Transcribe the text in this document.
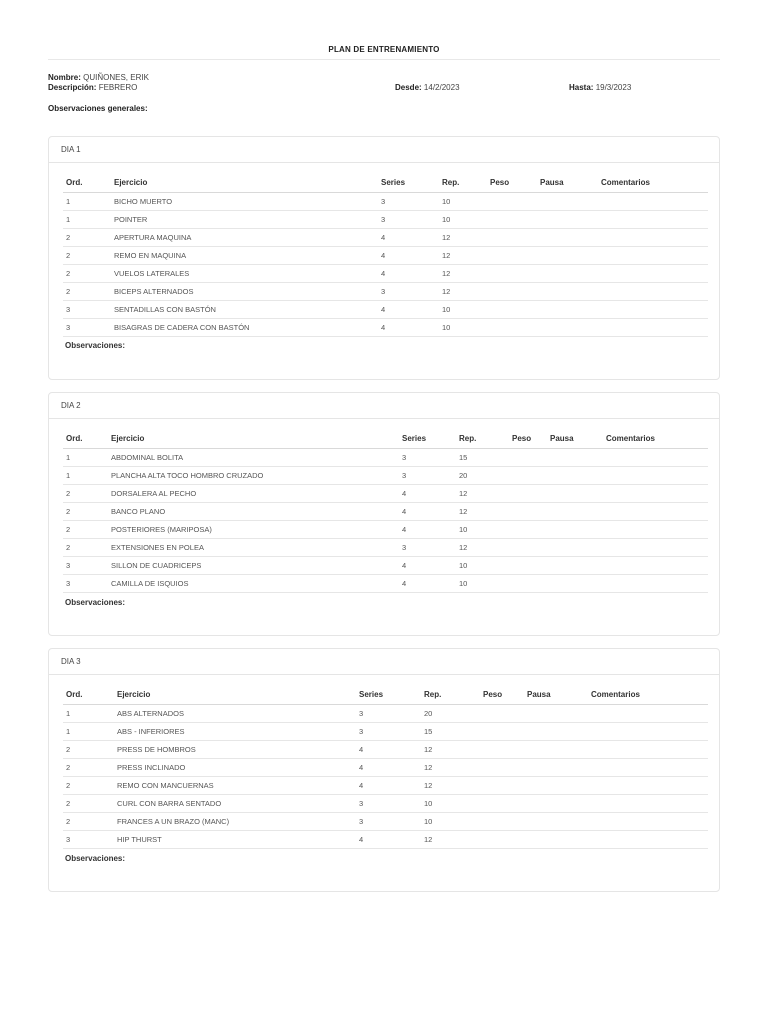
PLAN DE ENTRENAMIENTO
Nombre: QUIÑONES, ERIK
Descripción: FEBRERO	Desde: 14/2/2023	Hasta: 19/3/2023
Observaciones generales:
DIA 1
Ord.	Ejercicio	Series	Rep.	Peso	Pausa	Comentarios
1	BICHO MUERTO	3	10			
1	POINTER	3	10			
2	APERTURA MAQUINA	4	12			
2	REMO EN MAQUINA	4	12			
2	VUELOS LATERALES	4	12			
2	BICEPS ALTERNADOS	3	12			
3	SENTADILLAS CON BASTÓN	4	10			
3	BISAGRAS DE CADERA CON BASTÓN	4	10			
Observaciones:
DIA 2
Ord.	Ejercicio	Series	Rep.	Peso	Pausa	Comentarios
1	ABDOMINAL BOLITA	3	15			
1	PLANCHA ALTA TOCO HOMBRO CRUZADO	3	20			
2	DORSALERA AL PECHO	4	12			
2	BANCO PLANO	4	12			
2	POSTERIORES (MARIPOSA)	4	10			
2	EXTENSIONES EN POLEA	3	12			
3	SILLON DE CUADRICEPS	4	10			
3	CAMILLA DE ISQUIOS	4	10			
Observaciones:
DIA 3
Ord.	Ejercicio	Series	Rep.	Peso	Pausa	Comentarios
1	ABS ALTERNADOS	3	20			
1	ABS - INFERIORES	3	15			
2	PRESS DE HOMBROS	4	12			
2	PRESS INCLINADO	4	12			
2	REMO CON MANCUERNAS	4	12			
2	CURL CON BARRA SENTADO	3	10			
2	FRANCES A UN BRAZO (MANC)	3	10			
3	HIP THURST	4	12			
Observaciones:
